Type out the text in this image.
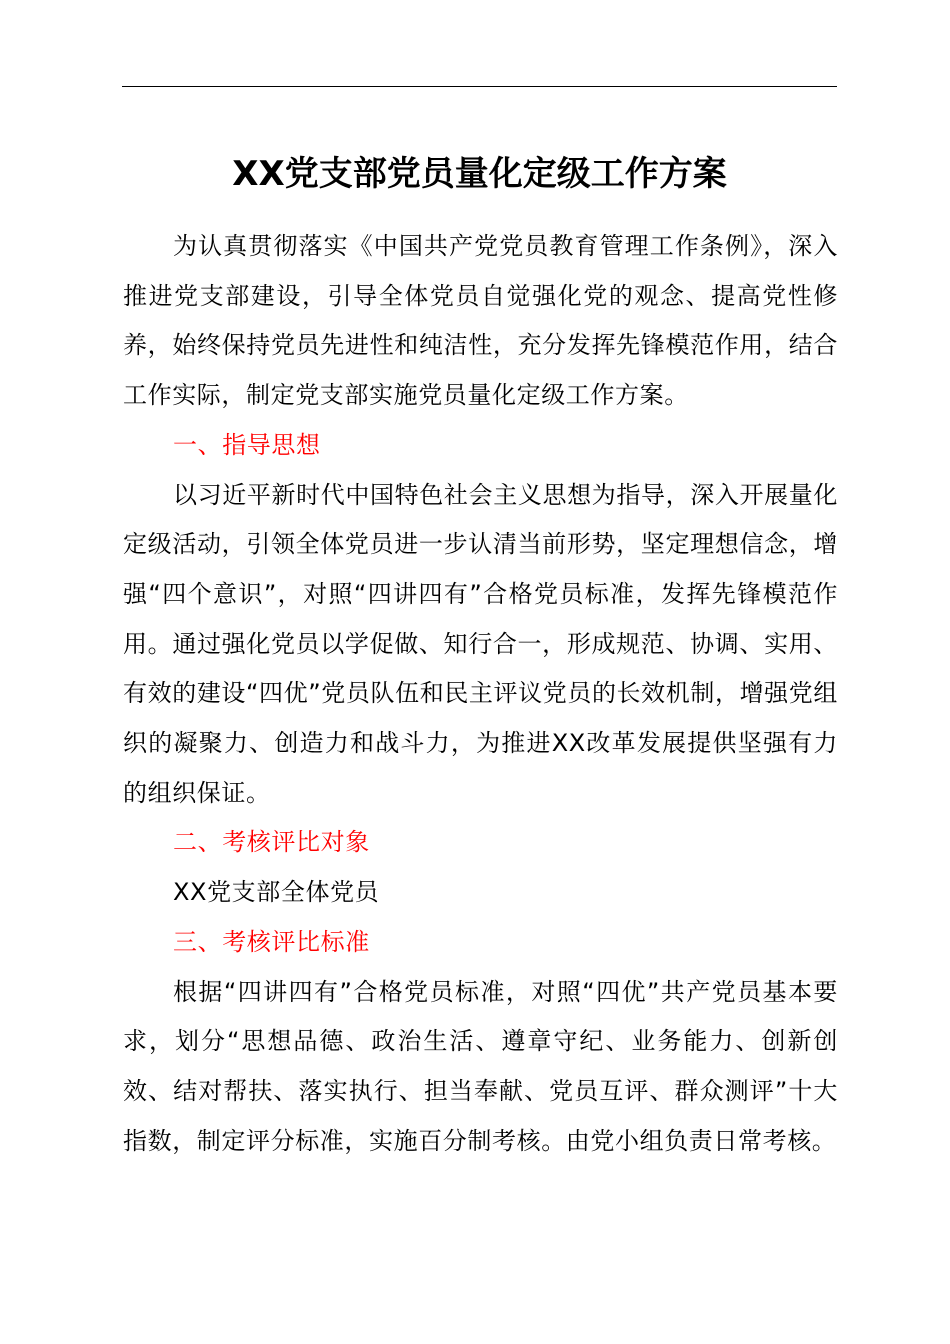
XX党支部党员量化定级工作方案

为认真贯彻落实《中国共产党党员教育管理工作条例》，深入推进党支部建设，引导全体党员自觉强化党的观念、提高党性修养，始终保持党员先进性和纯洁性，充分发挥先锋模范作用，结合工作实际，制定党支部实施党员量化定级工作方案。

一、指导思想

以习近平新时代中国特色社会主义思想为指导，深入开展量化定级活动，引领全体党员进一步认清当前形势，坚定理想信念，增强“四个意识”，对照“四讲四有”合格党员标准，发挥先锋模范作用。通过强化党员以学促做、知行合一，形成规范、协调、实用、有效的建设“四优”党员队伍和民主评议党员的长效机制，增强党组织的凝聚力、创造力和战斗力，为推进XX改革发展提供坚强有力的组织保证。

二、考核评比对象

XX党支部全体党员

三、考核评比标准

根据“四讲四有”合格党员标准，对照“四优”共产党员基本要求，划分“思想品德、政治生活、遵章守纪、业务能力、创新创效、结对帮扶、落实执行、担当奉献、党员互评、群众测评”十大指数，制定评分标准，实施百分制考核。由党小组负责日常考核。
